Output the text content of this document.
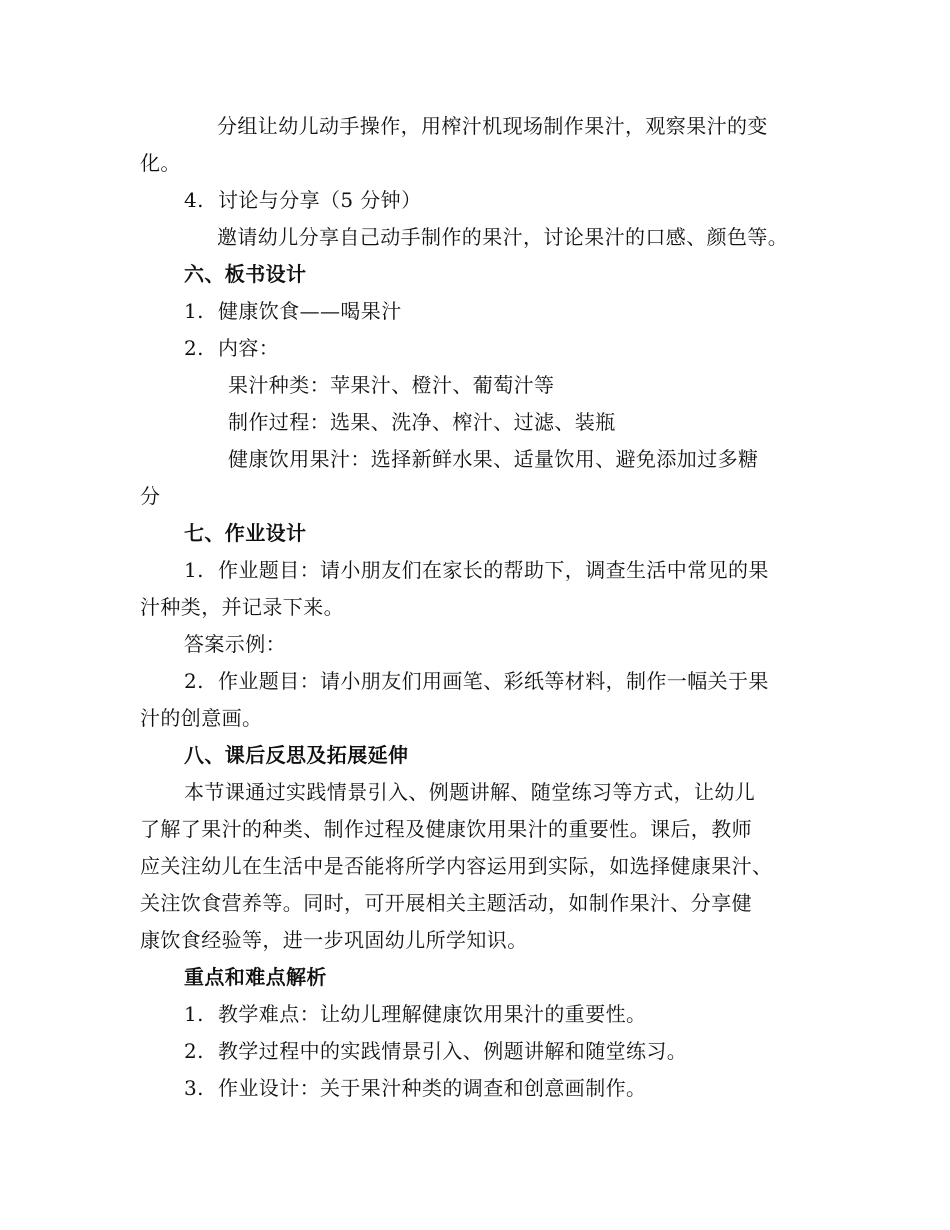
分组让幼儿动手操作，用榨汁机现场制作果汁，观察果汁的变
化。
4. 讨论与分享（5 分钟）
邀请幼儿分享自己动手制作的果汁，讨论果汁的口感、颜色等。
六、板书设计
1. 健康饮食——喝果汁
2. 内容：
果汁种类：苹果汁、橙汁、葡萄汁等
制作过程：选果、洗净、榨汁、过滤、装瓶
健康饮用果汁：选择新鲜水果、适量饮用、避免添加过多糖
分
七、作业设计
1. 作业题目：请小朋友们在家长的帮助下，调查生活中常见的果
汁种类，并记录下来。
答案示例：
2. 作业题目：请小朋友们用画笔、彩纸等材料，制作一幅关于果
汁的创意画。
八、课后反思及拓展延伸
本节课通过实践情景引入、例题讲解、随堂练习等方式，让幼儿
了解了果汁的种类、制作过程及健康饮用果汁的重要性。课后，教师
应关注幼儿在生活中是否能将所学内容运用到实际，如选择健康果汁、
关注饮食营养等。同时，可开展相关主题活动，如制作果汁、分享健
康饮食经验等，进一步巩固幼儿所学知识。
重点和难点解析
1. 教学难点：让幼儿理解健康饮用果汁的重要性。
2. 教学过程中的实践情景引入、例题讲解和随堂练习。
3. 作业设计：关于果汁种类的调查和创意画制作。
